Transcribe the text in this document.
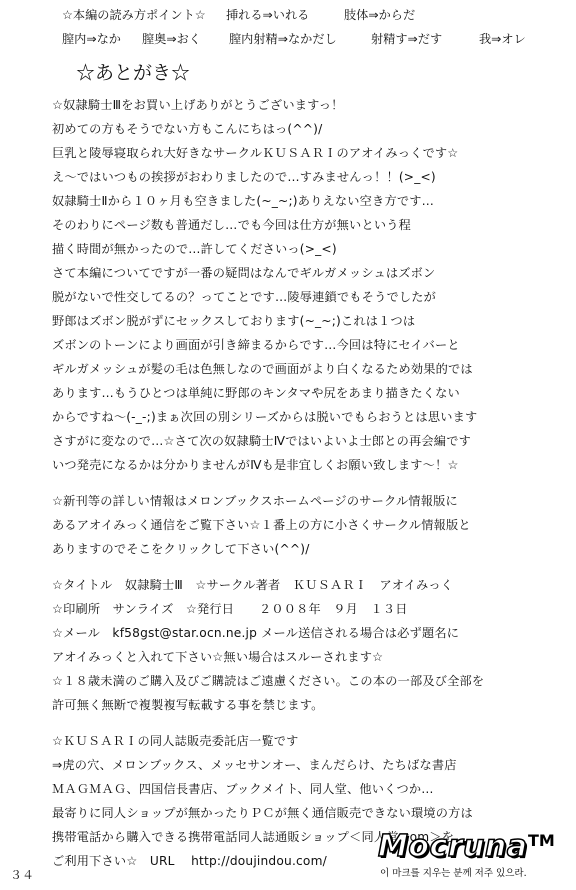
☆本編の読み方ポイント☆ 挿れる⇒いれる	肢体⇒からだ
膣内⇒なか 膣奥⇒おく 膣内射精⇒なかだし	射精す⇒だす	我⇒オレ
☆あとがき☆
☆奴隷騎士Ⅲをお買い上げありがとうございますっ！
初めての方もそうでない方もこんにちはっ(^^)/
巨乳と陵辱寝取られ大好きなサークルＫＵＳＡＲＩのアオイみっくです☆
え～ではいつもの挨拶がおわりましたので…すみませんっ！！(>_<)
奴隷騎士Ⅱから１０ヶ月も空きました(~_~;)ありえない空き方です…
そのわりにページ数も普通だし…でも今回は仕方が無いという程
描く時間が無かったので…許してくださいっ(>_<)
さて本編についてですが一番の疑問はなんでギルガメッシュはズボン
脱がないで性交してるの？ってことです…陵辱連鎖でもそうでしたが
野郎はズボン脱がずにセックスしております(~_~;)これは１つは
ズボンのトーンにより画面が引き締まるからです…今回は特にセイバーと
ギルガメッシュが髪の毛は色無しなので画面がより白くなるため効果的では
あります…もうひとつは単純に野郎のキンタマや尻をあまり描きたくない
からですね～(-_-;)まぁ次回の別シリーズからは脱いでもらおうとは思います
さすがに変なので…☆さて次の奴隷騎士Ⅳではいよいよ士郎との再会編です
いつ発売になるかは分かりませんがⅣも是非宜しくお願い致します～！☆
☆新刊等の詳しい情報はメロンブックスホームページのサークル情報版に
あるアオイみっく通信をご覧下さい☆１番上の方に小さくサークル情報版と
ありますのでそこをクリックして下さい(^^)/
☆タイトル　奴隷騎士Ⅲ　☆サークル著者　ＫＵＳＡＲＩ　アオイみっく
☆印刷所　サンライズ　☆発行日　　２００８年　９月　１３日
☆メール　kf58gst@star.ocn.ne.jp メール送信される場合は必ず題名に
アオイみっくと入れて下さい☆無い場合はスルーされます☆
☆１８歳未満のご購入及びご購読はご遠慮ください。この本の一部及び全部を
許可無く無断で複製複写転載する事を禁じます。
☆ＫＵＳＡＲＩの同人誌販売委託店一覧です
⇒虎の穴、メロンブックス、メッセサンオー、まんだらけ、たちばな書店
ＭＡＧＭＡＧ、四国信長書店、ブックメイト、同人堂、他いくつか…
最寄りに同人ショップが無かったりＰＣが無く通信販売できない環境の方は
携帯電話から購入できる携帯電話同人誌通販ショップ＜同人堂.com＞を
ご利用下さい☆　URL　 http://doujindou.com/
３４
Mocruna TM
이 마크를 지우는 분께 저주 있으라.
